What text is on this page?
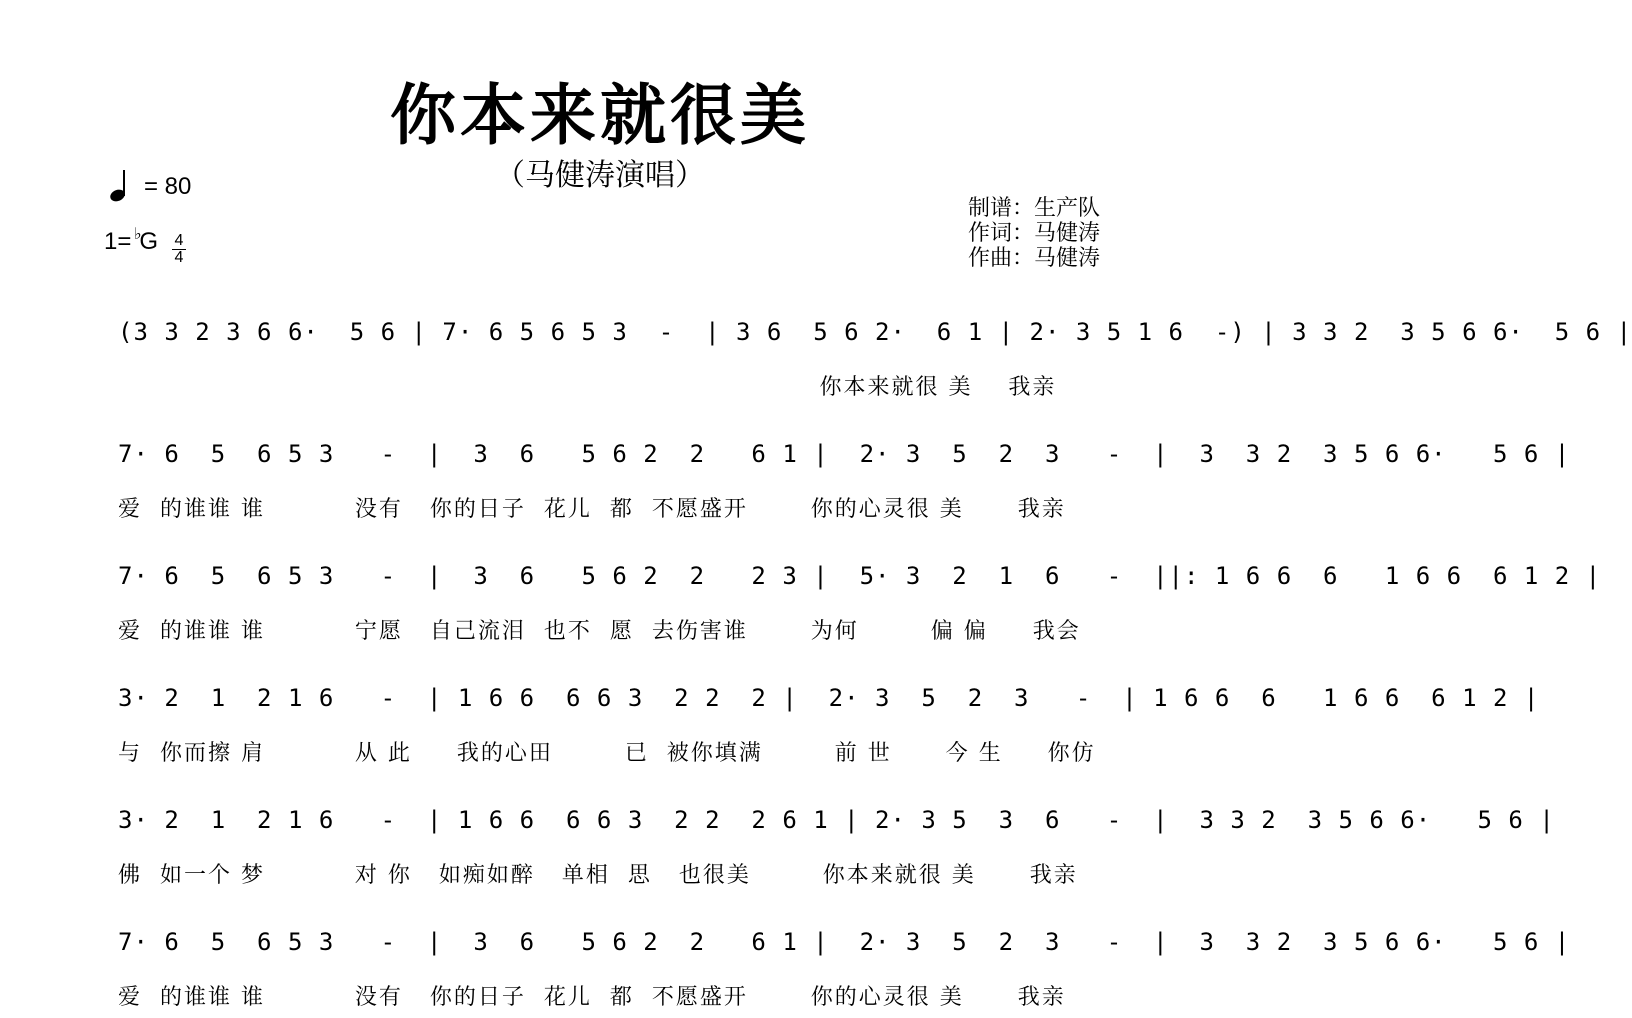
你本来就很美
（马健涛演唱）
= 80
1= ♭
G 4
4
制谱：生产队
作词：马健涛
作曲：马健涛
(3 3 2 3 6 6·  5 6 | 7· 6 5 6 5 3  -  | 3 6  5 6 2·  6 1 | 2· 3 5 1 6  -) | 3 3 2  3 5 6 6·  5 6 |
你本来就很 美    我亲
7· 6  5  6 5 3   -  |  3  6   5 6 2  2   6 1 |  2· 3  5  2  3   -  |  3  3 2  3 5 6 6·   5 6 |
爱  的谁谁 谁          没有   你的日子  花儿  都  不愿盛开       你的心灵很 美      我亲
7· 6  5  6 5 3   -  |  3  6   5 6 2  2   2 3 |  5· 3  2  1  6   -  ||: 1 6 6  6   1 6 6  6 1 2 |
爱  的谁谁 谁          宁愿   自己流泪  也不  愿  去伤害谁       为何        偏 偏     我会
3· 2  1  2 1 6   -  | 1 6 6  6 6 3  2 2  2 |  2· 3  5  2  3   -  | 1 6 6  6   1 6 6  6 1 2 |
与  你而擦 肩          从 此     我的心田        已  被你填满        前 世      今 生     你仿
3· 2  1  2 1 6   -  | 1 6 6  6 6 3  2 2  2 6 1 | 2· 3 5  3  6   -  |  3 3 2  3 5 6 6·   5 6 |
佛  如一个 梦          对 你   如痴如醉   单相  思   也很美        你本来就很 美      我亲
7· 6  5  6 5 3   -  |  3  6   5 6 2  2   6 1 |  2· 3  5  2  3   -  |  3  3 2  3 5 6 6·   5 6 |
爱  的谁谁 谁          没有   你的日子  花儿  都  不愿盛开       你的心灵很 美      我亲
